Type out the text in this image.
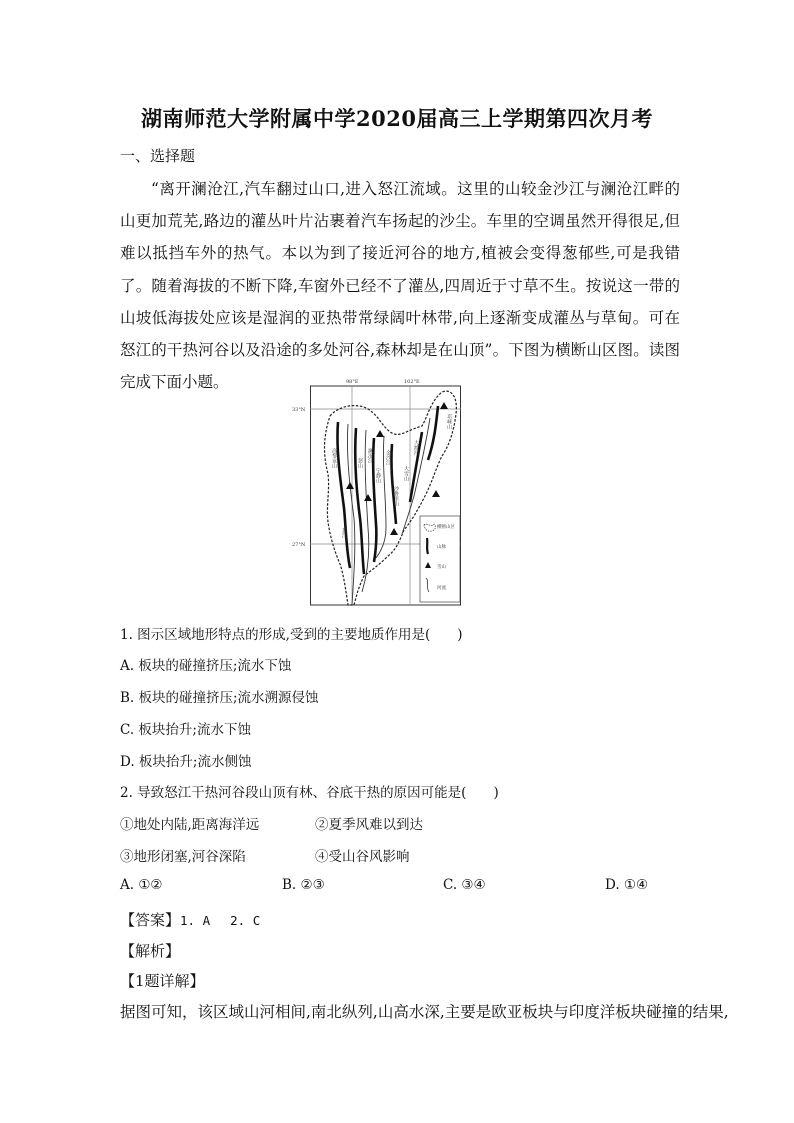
湖南师范大学附属中学2020届高三上学期第四次月考
一、选择题
“离开澜沧江,汽车翻过山口,进入怒江流域。这里的山较金沙江与澜沧江畔的山更加荒芜,路边的灌丛叶片沾裹着汽车扬起的沙尘。车里的空调虽然开得很足,但难以抵挡车外的热气。本以为到了接近河谷的地方,植被会变得葱郁些,可是我错了。随着海拔的不断下降,车窗外已经不了灌丛,四周近于寸草不生。按说这一带的山坡低海拔处应该是湿润的亚热带常绿阔叶林带,向上逐渐变成灌丛与草甸。可在怒江的干热河谷以及沿途的多处河谷,森林却是在山顶”。下图为横断山区图。读图完成下面小题。	98°E	102°E
33°N
27°N
大渡河
邛崃山
大雪山
沙鲁里山
宁静山
怒山
高黎贡山	金沙江
澜沧江
怒江
横断山区
山脉
雪山
河流
1. 图示区域地形特点的形成,受到的主要地质作用是(　　)
A. 板块的碰撞挤压;流水下蚀
B. 板块的碰撞挤压;流水溯源侵蚀
C. 板块抬升;流水下蚀
D. 板块抬升;流水侧蚀
2. 导致怒江干热河谷段山顶有林、谷底干热的原因可能是(　　)
①地处内陆,距离海洋远	②夏季风难以到达
③地形闭塞,河谷深陷	④受山谷风影响
A. ①②	B. ②③	C. ③④	D. ①④
【答案】1. A　 2. C
【解析】
【1题详解】
据图可知，该区域山河相间,南北纵列,山高水深,主要是欧亚板块与印度洋板块碰撞的结果,
